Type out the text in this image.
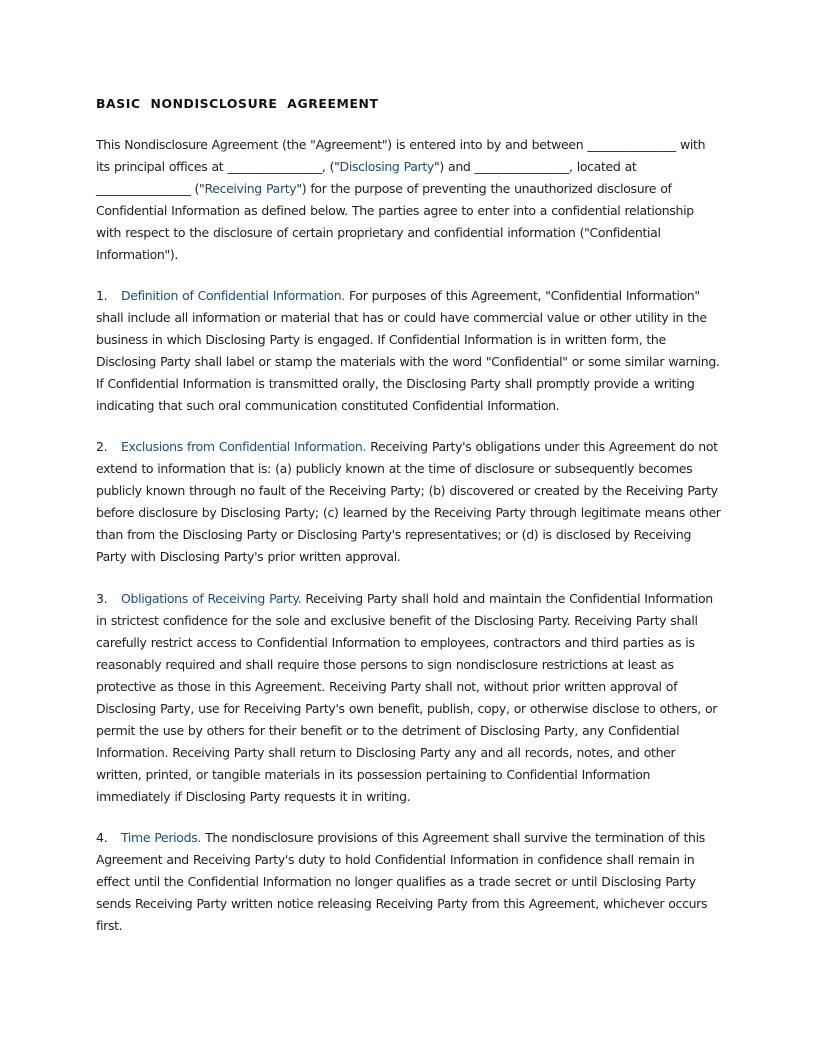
BASIC  NONDISCLOSURE  AGREEMENT
This Nondisclosure Agreement (the "Agreement") is entered into by and between _______________ with its principal offices at ________________, ("Disclosing Party") and ________________, located at ________________ ("Receiving Party") for the purpose of preventing the unauthorized disclosure of Confidential Information as defined below. The parties agree to enter into a confidential relationship with respect to the disclosure of certain proprietary and confidential information ("Confidential Information").
1. Definition of Confidential Information. For purposes of this Agreement, "Confidential Information" shall include all information or material that has or could have commercial value or other utility in the business in which Disclosing Party is engaged. If Confidential Information is in written form, the Disclosing Party shall label or stamp the materials with the word "Confidential" or some similar warning. If Confidential Information is transmitted orally, the Disclosing Party shall promptly provide a writing indicating that such oral communication constituted Confidential Information.
2. Exclusions from Confidential Information. Receiving Party's obligations under this Agreement do not extend to information that is: (a) publicly known at the time of disclosure or subsequently becomes publicly known through no fault of the Receiving Party; (b) discovered or created by the Receiving Party before disclosure by Disclosing Party; (c) learned by the Receiving Party through legitimate means other than from the Disclosing Party or Disclosing Party's representatives; or (d) is disclosed by Receiving Party with Disclosing Party's prior written approval.
3. Obligations of Receiving Party. Receiving Party shall hold and maintain the Confidential Information in strictest confidence for the sole and exclusive benefit of the Disclosing Party. Receiving Party shall carefully restrict access to Confidential Information to employees, contractors and third parties as is reasonably required and shall require those persons to sign nondisclosure restrictions at least as protective as those in this Agreement. Receiving Party shall not, without prior written approval of Disclosing Party, use for Receiving Party's own benefit, publish, copy, or otherwise disclose to others, or permit the use by others for their benefit or to the detriment of Disclosing Party, any Confidential Information. Receiving Party shall return to Disclosing Party any and all records, notes, and other written, printed, or tangible materials in its possession pertaining to Confidential Information immediately if Disclosing Party requests it in writing.
4. Time Periods. The nondisclosure provisions of this Agreement shall survive the termination of this Agreement and Receiving Party's duty to hold Confidential Information in confidence shall remain in effect until the Confidential Information no longer qualifies as a trade secret or until Disclosing Party sends Receiving Party written notice releasing Receiving Party from this Agreement, whichever occurs first.
